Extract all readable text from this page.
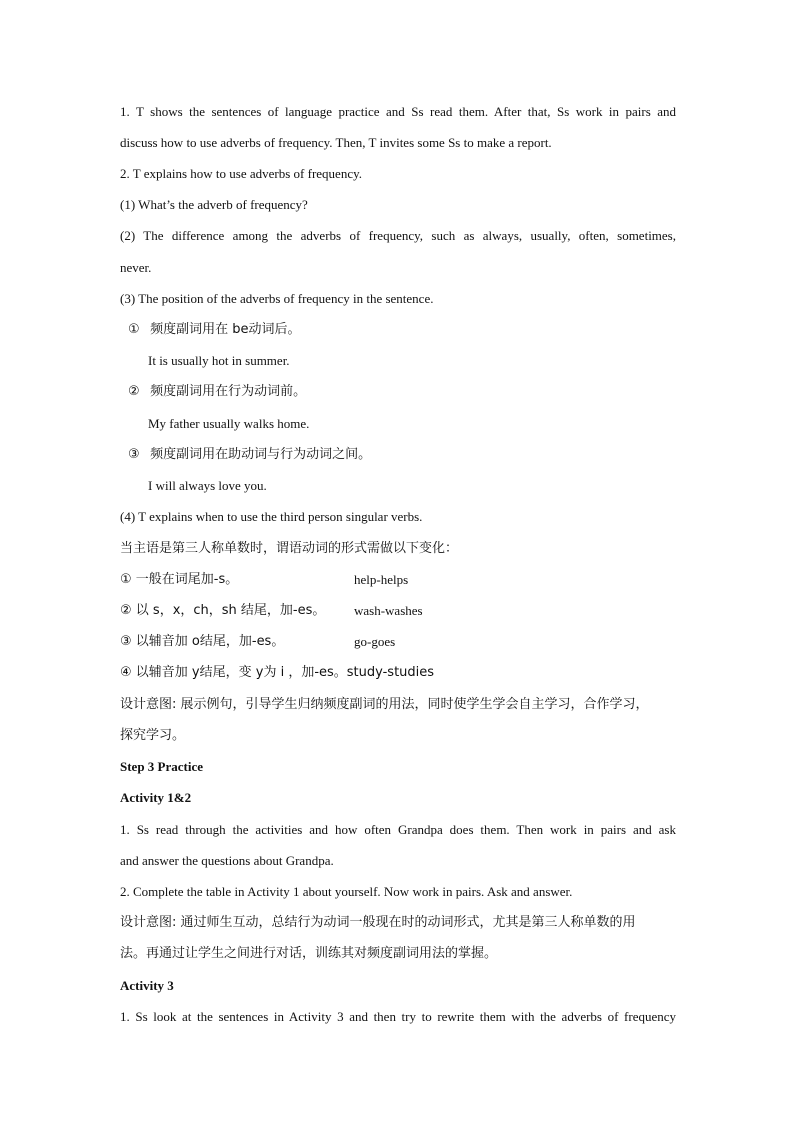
1. T shows the sentences of language practice and Ss read them. After that, Ss work in pairs and
discuss how to use adverbs of frequency. Then, T invites some Ss to make a report.
2. T explains how to use adverbs of frequency.
(1) What’s the adverb of frequency?
(2) The difference among the adverbs of frequency, such as always, usually, often, sometimes,
never.
(3) The position of the adverbs of frequency in the sentence.
① 频度副词用在 be动词后。
It is usually hot in summer.
② 频度副词用在行为动词前。
My father usually walks home.
③ 频度副词用在助动词与行为动词之间。
I will always love you.
(4) T explains when to use the third person singular verbs.
当主语是第三人称单数时，谓语动词的形式需做以下变化：
① 一般在词尾加-s。	help-helps
② 以 s，x，ch，sh 结尾，加-es。	wash-washes
③ 以辅音加 o结尾，加-es。	go-goes
④ 以辅音加 y结尾，变 y为 i ，加-es。study-studies
设计意图: 展示例句，引导学生归纳频度副词的用法，同时使学生学会自主学习，合作学习，
探究学习。
Step 3 Practice
Activity 1&2
1. Ss read through the activities and how often Grandpa does them. Then work in pairs and ask
and answer the questions about Grandpa.
2. Complete the table in Activity 1 about yourself. Now work in pairs. Ask and answer.
设计意图: 通过师生互动，总结行为动词一般现在时的动词形式，尤其是第三人称单数的用
法。再通过让学生之间进行对话，训练其对频度副词用法的掌握。
Activity 3
1. Ss look at the sentences in Activity 3 and then try to rewrite them with the adverbs of frequency
